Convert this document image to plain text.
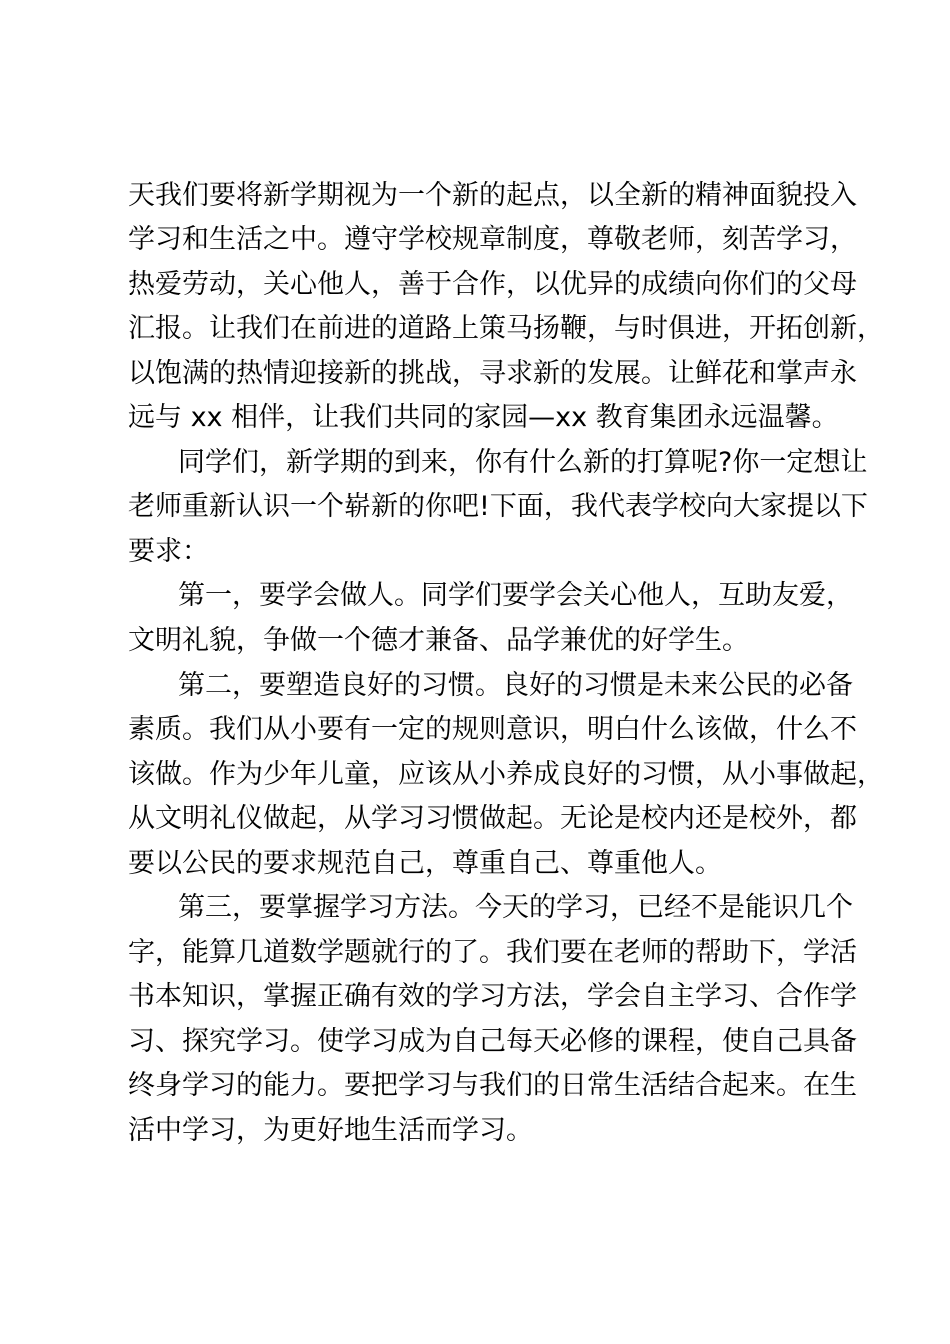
天我们要将新学期视为一个新的起点，以全新的精神面貌投入
学习和生活之中。遵守学校规章制度，尊敬老师，刻苦学习，
热爱劳动，关心他人，善于合作，以优异的成绩向你们的父母
汇报。让我们在前进的道路上策马扬鞭，与时俱进，开拓创新，
以饱满的热情迎接新的挑战，寻求新的发展。让鲜花和掌声永
远与 xx 相伴，让我们共同的家园—xx 教育集团永远温馨。
同学们，新学期的到来，你有什么新的打算呢?你一定想让
老师重新认识一个崭新的你吧!下面，我代表学校向大家提以下
要求：
第一，要学会做人。同学们要学会关心他人，互助友爱，
文明礼貌，争做一个德才兼备、品学兼优的好学生。
第二，要塑造良好的习惯。良好的习惯是未来公民的必备
素质。我们从小要有一定的规则意识，明白什么该做，什么不
该做。作为少年儿童，应该从小养成良好的习惯，从小事做起，
从文明礼仪做起，从学习习惯做起。无论是校内还是校外，都
要以公民的要求规范自己，尊重自己、尊重他人。
第三，要掌握学习方法。今天的学习，已经不是能识几个
字，能算几道数学题就行的了。我们要在老师的帮助下，学活
书本知识，掌握正确有效的学习方法，学会自主学习、合作学
习、探究学习。使学习成为自己每天必修的课程，使自己具备
终身学习的能力。要把学习与我们的日常生活结合起来。在生
活中学习，为更好地生活而学习。
